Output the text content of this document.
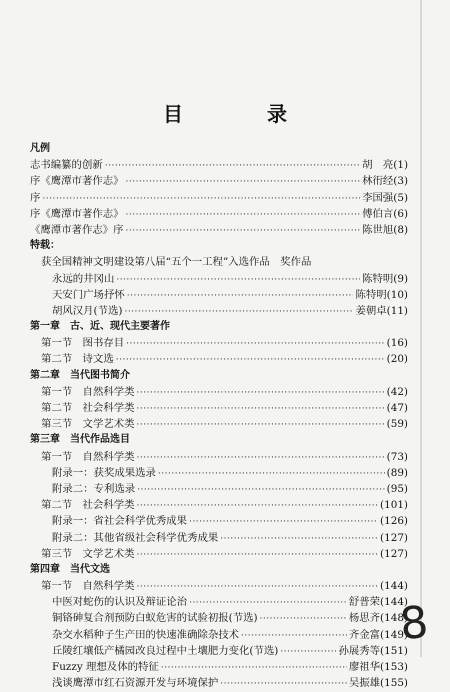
目　录
凡例
志书编纂的创新 ·····	胡　亮(1)
序《鹰潭市著作志》 ·····	林衎经(3)
序 ·····	李国强(5)
序《鹰潭市著作志》 ·····	傅伯言(6)
《鹰潭市著作志》序 ·····	陈世旭(8)
特载：
获全国精神文明建设第八届“五个一工程”入选作品　奖作品
永远的井冈山 ·····	陈特明(9)
天安门广场抒怀 ·····	陈特明(10)
胡风汉月(节选) ·····	姜朝卓(11)
第一章　古、近、现代主要著作
第一节　图书存目 ·····	(16)
第二节　诗文选 ·····	(20)
第二章　当代图书简介
第一节　自然科学类 ·····	(42)
第二节　社会科学类 ·····	(47)
第三节　文学艺术类 ·····	(59)
第三章　当代作品选目
第一节　自然科学类 ·····	(73)
附录一：获奖成果选录 ·····	(89)
附录二：专利选录 ·····	(95)
第二节　社会科学类 ·····	(101)
附录一：省社会科学优秀成果 ·····	(126)
附录二：其他省级社会科学优秀成果 ·····	(127)
第三节　文学艺术类 ·····	(127)
第四章　当代文选
第一节　自然科学类 ·····	(144)
中医对蛇伤的认识及辩证论治 ·····	舒普荣(144)
铜铬砷复合剂预防白蚁危害的试验初报(节选) ·····	杨思齐(148)
杂交水稻种子生产田的快速准确除杂技术 ·····	齐金富(149)
丘陵红壤低产橘园改良过程中土壤肥力变化(节选) ·····	孙展秀等(151)
Fuzzy 理想及体的特征 ·····	廖祖华(153)
浅谈鹰潭市红石资源开发与环境保护 ·····	吴振雄(155)
8
